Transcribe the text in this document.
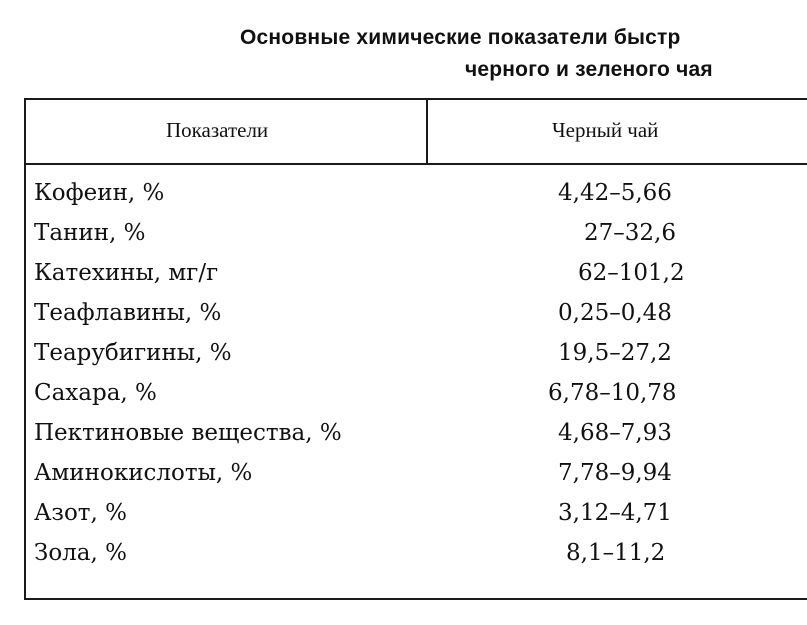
Основные химические показатели быстр
черного и зеленого чая
Показатели	Черный чай
Кофеин, %	4,42–5,66
Танин, %	27–32,6
Катехины, мг/г	62–101,2
Теафлавины, %	0,25–0,48
Теарубигины, %	19,5–27,2
Сахара, %	6,78–10,78
Пектиновые вещества, %	4,68–7,93
Аминокислоты, %	7,78–9,94
Азот, %	3,12–4,71
Зола, %	8,1–11,2
